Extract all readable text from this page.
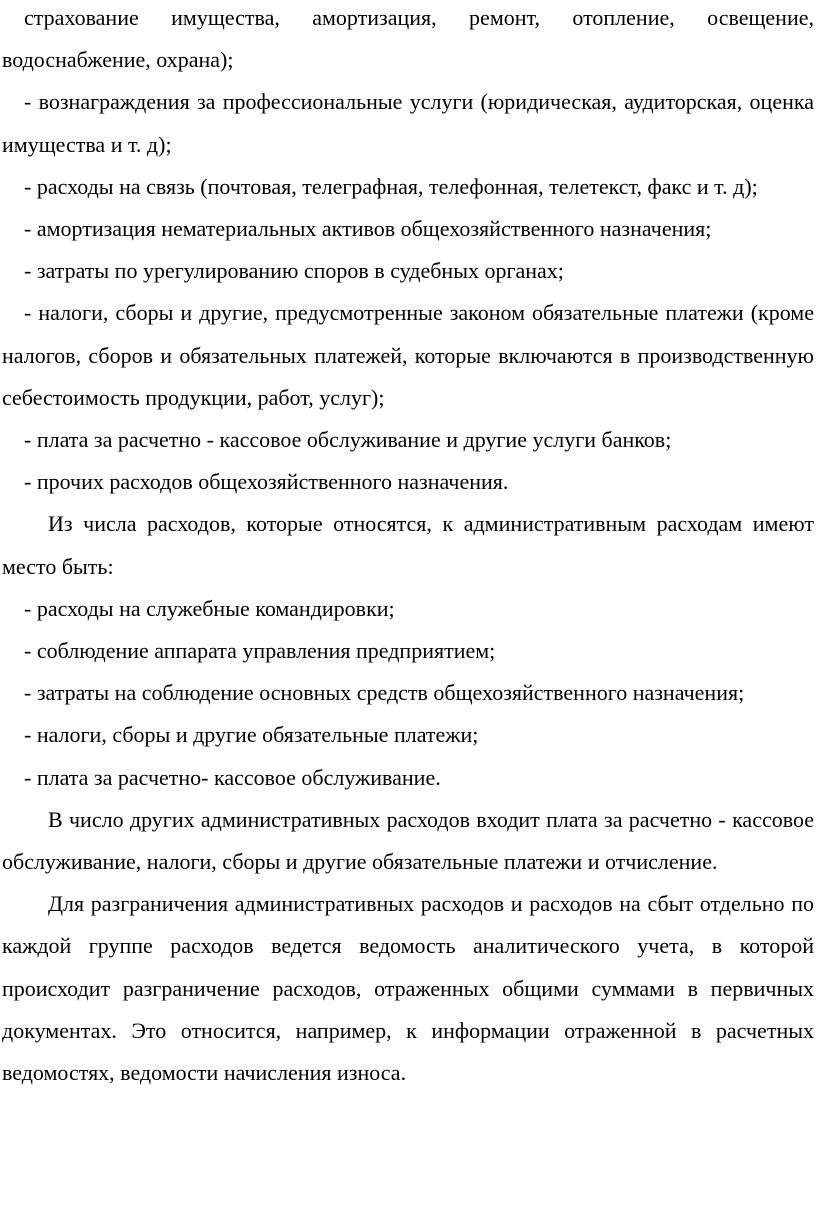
страхование имущества, амортизация, ремонт, отопление, освещение, водоснабжение, охрана);

- вознаграждения за профессиональные услуги (юридическая, аудиторская, оценка имущества и т. д);

- расходы на связь (почтовая, телеграфная, телефонная, телетекст, факс и т. д);

- амортизация нематериальных активов общехозяйственного назначения;

- затраты по урегулированию споров в судебных органах;

- налоги, сборы и другие, предусмотренные законом обязательные платежи (кроме налогов, сборов и обязательных платежей, которые включаются в производственную себестоимость продукции, работ, услуг);

- плата за расчетно - кассовое обслуживание и другие услуги банков;

- прочих расходов общехозяйственного назначения.

Из числа расходов, которые относятся, к административным расходам имеют место быть:

- расходы на служебные командировки;

- соблюдение аппарата управления предприятием;

- затраты на соблюдение основных средств общехозяйственного назначения;

- налоги, сборы и другие обязательные платежи;

- плата за расчетно- кассовое обслуживание.

В число других административных расходов входит плата за расчетно - кассовое обслуживание, налоги, сборы и другие обязательные платежи и отчисление.

Для разграничения административных расходов и расходов на сбыт отдельно по каждой группе расходов ведется ведомость аналитического учета, в которой происходит разграничение расходов, отраженных общими суммами в первичных документах. Это относится, например, к информации отраженной в расчетных ведомостях, ведомости начисления износа.
